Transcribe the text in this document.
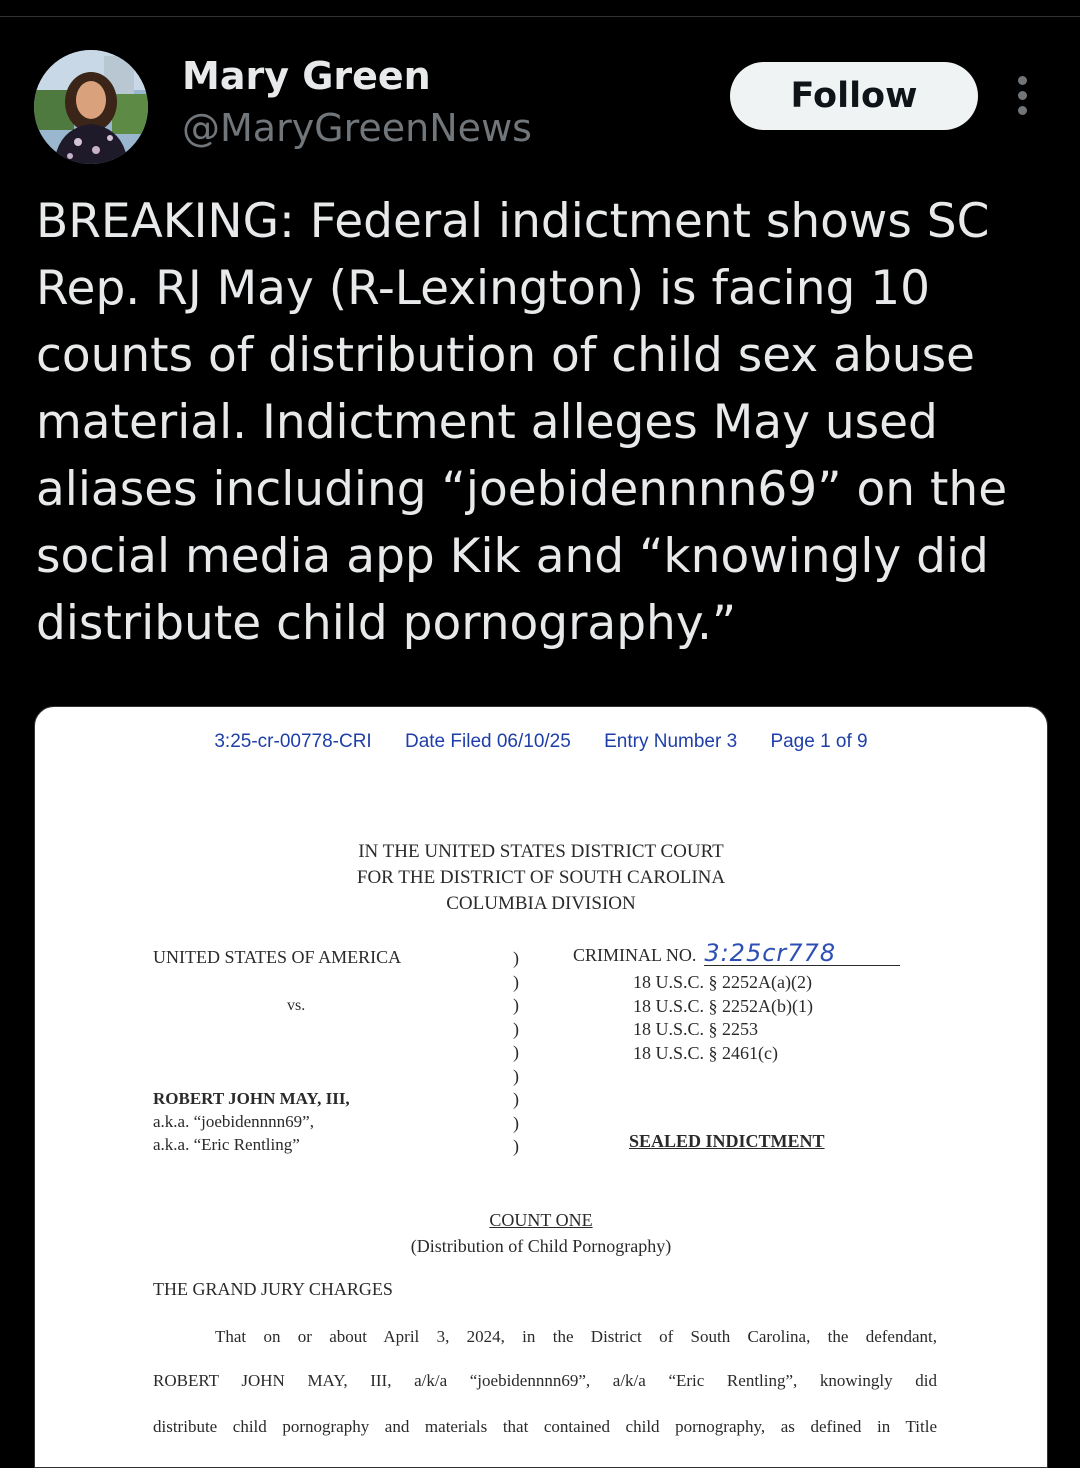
Mary Green
@MaryGreenNews
Follow
BREAKING: Federal indictment shows SC
Rep. RJ May (R-Lexington) is facing 10
counts of distribution of child sex abuse
material. Indictment alleges May used
aliases including “joebidennnn69” on the
social media app Kik and “knowingly did
distribute child pornography.”
3:25-cr-00778-CRI Date Filed 06/10/25 Entry Number 3 Page 1 of 9
IN THE UNITED STATES DISTRICT COURT
FOR THE DISTRICT OF SOUTH CAROLINA
COLUMBIA DIVISION
UNITED STATES OF AMERICA
vs.
)
)
)
)
)
)
)
)
)
CRIMINAL NO. 3:25cr778
18 U.S.C. § 2252A(a)(2)
18 U.S.C. § 2252A(b)(1)
18 U.S.C. § 2253
18 U.S.C. § 2461(c)
ROBERT JOHN MAY, III,
a.k.a. “joebidennnn69”,
a.k.a. “Eric Rentling”	SEALED INDICTMENT
COUNT ONE
(Distribution of Child Pornography)
THE GRAND JURY CHARGES
That on or about April 3, 2024, in the District of South Carolina, the defendant,
ROBERT JOHN MAY, III, a/k/a “joebidennnn69”, a/k/a “Eric Rentling”, knowingly did
distribute child pornography and materials that contained child pornography, as defined in Title
